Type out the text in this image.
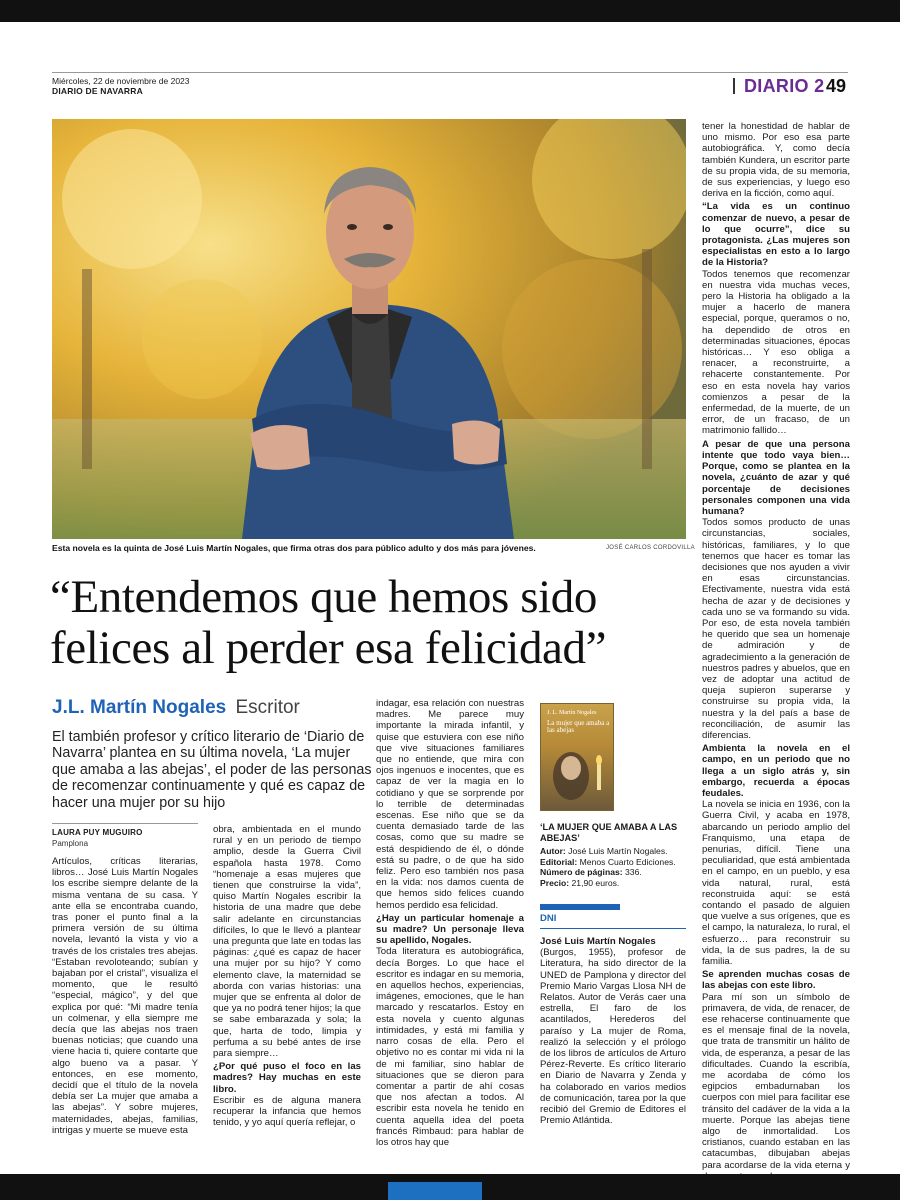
Miércoles, 22 de noviembre de 2023
DIARIO DE NAVARRA	DIARIO 2 49
Esta novela es la quinta de José Luis Martín Nogales, que firma otras dos para público adulto y dos más para jóvenes.	JOSÉ CARLOS CORDOVILLA
“Entendemos que hemos sido
felices al perder esa felicidad”
J.L. Martín Nogales Escritor
El también profesor y crítico literario de ‘Diario de Navarra’ plantea en su última novela, ‘La mujer que amaba a las abejas’, el poder de las personas de recomenzar continuamente y qué es capaz de hacer una mujer por su hijo
LAURA PUY MUGUIRO
Pamplona

Artículos, críticas literarias, libros… José Luis Martín Nogales los escribe siempre delante de la misma ventana de su casa. Y ante ella se encontraba cuando, tras poner el punto final a la primera versión de su última novela, levantó la vista y vio a través de los cristales tres abejas. “Estaban revoloteando; subían y bajaban por el cristal”, visualiza el momento, que le resultó “especial, mágico”, y del que explica por qué: “Mi madre tenía un colmenar, y ella siempre me decía que las abejas nos traen buenas noticias; que cuando una viene hacia ti, quiere contarte que algo bueno va a pasar. Y entonces, en ese momento, decidí que el título de la novela debía ser La mujer que amaba a las abejas”. Y sobre mujeres, maternidades, abejas, familias, intrigas y muerte se mueve esta

obra, ambientada en el mundo rural y en un periodo de tiempo amplio, desde la Guerra Civil española hasta 1978. Como “homenaje a esas mujeres que tienen que construirse la vida”, quiso Martín Nogales escribir la historia de una madre que debe salir adelante en circunstancias difíciles, lo que le llevó a plantear una pregunta que late en todas las páginas: ¿qué es capaz de hacer una mujer por su hijo? Y como elemento clave, la maternidad se aborda con varias historias: una mujer que se enfrenta al dolor de que ya no podrá tener hijos; la que se sabe embarazada y sola; la que, harta de todo, limpia y perfuma a su bebé antes de irse para siempre…

¿Por qué puso el foco en las madres? Hay muchas en este libro.

Escribir es de alguna manera recuperar la infancia que hemos tenido, y yo aquí quería reflejar, o

indagar, esa relación con nuestras madres. Me parece muy importante la mirada infantil, y quise que estuviera con ese niño que vive situaciones familiares que no entiende, que mira con ojos ingenuos e inocentes, que es capaz de ver la magia en lo cotidiano y que se sorprende por lo terrible de determinadas escenas. Ese niño que se da cuenta demasiado tarde de las cosas, como que su madre se está despidiendo de él, o dónde está su padre, o de que ha sido feliz. Pero eso también nos pasa en la vida: nos damos cuenta de que hemos sido felices cuando hemos perdido esa felicidad.

¿Hay un particular homenaje a su madre? Un personaje lleva su apellido, Nogales.

Toda literatura es autobiográfica, decía Borges. Lo que hace el escritor es indagar en su memoria, en aquellos hechos, experiencias, imágenes, emociones, que le han marcado y rescatarlos. Estoy en esta novela y cuento algunas intimidades, y está mi familia y narro cosas de ella. Pero el objetivo no es contar mi vida ni la de mi familiar, sino hablar de situaciones que se dieron para comentar a partir de ahí cosas que nos afectan a todos. Al escribir esta novela he tenido en cuenta aquella idea del poeta francés Rimbaud: para hablar de los otros hay que

J. L. Martín Nogales
La mujer que amaba a las abejas
‘LA MUJER QUE AMABA A LAS ABEJAS’
Autor: José Luis Martín Nogales.
Editorial: Menos Cuarto Ediciones.
Número de páginas: 336.
Precio: 21,90 euros.
DNI
José Luis Martín Nogales
(Burgos, 1955), profesor de Literatura, ha sido director de la UNED de Pamplona y director del Premio Mario Vargas Llosa NH de Relatos. Autor de Verás caer una estrella, El faro de los acantilados, Herederos del paraíso y La mujer de Roma, realizó la selección y el prólogo de los libros de artículos de Arturo Pérez-Reverte. Es crítico literario en Diario de Navarra y Zenda y ha colaborado en varios medios de comunicación, tarea por la que recibió del Gremio de Editores el Premio Atlántida.

tener la honestidad de hablar de uno mismo. Por eso esa parte autobiográfica. Y, como decía también Kundera, un escritor parte de su propia vida, de su memoria, de sus experiencias, y luego eso deriva en la ficción, como aquí.

“La vida es un continuo comenzar de nuevo, a pesar de lo que ocurre”, dice su protagonista. ¿Las mujeres son especialistas en esto a lo largo de la Historia?

Todos tenemos que recomenzar en nuestra vida muchas veces, pero la Historia ha obligado a la mujer a hacerlo de manera especial, porque, queramos o no, ha dependido de otros en determinadas situaciones, épocas históricas… Y eso obliga a renacer, a reconstruirte, a rehacerte constantemente. Por eso en esta novela hay varios comienzos a pesar de la enfermedad, de la muerte, de un error, de un fracaso, de un matrimonio fallido…

A pesar de que una persona intente que todo vaya bien… Porque, como se plantea en la novela, ¿cuánto de azar y qué porcentaje de decisiones personales componen una vida humana?

Todos somos producto de unas circunstancias, sociales, históricas, familiares, y lo que tenemos que hacer es tomar las decisiones que nos ayuden a vivir en esas circunstancias. Efectivamente, nuestra vida está hecha de azar y de decisiones y cada uno se va formando su vida. Por eso, de esta novela también he querido que sea un homenaje de admiración y de agradecimiento a la generación de nuestros padres y abuelos, que en vez de adoptar una actitud de queja supieron superarse y construirse su propia vida, la nuestra y la del país a base de reconciliación, de asumir las diferencias.

Ambienta la novela en el campo, en un periodo que no llega a un siglo atrás y, sin embargo, recuerda a épocas feudales.

La novela se inicia en 1936, con la Guerra Civil, y acaba en 1978, abarcando un periodo amplio del Franquismo, una etapa de penurias, difícil. Tiene una peculiaridad, que está ambientada en el campo, en un pueblo, y esa vida natural, rural, está reconstruida aquí: se está contando el pasado de alguien que vuelve a sus orígenes, que es el campo, la naturaleza, lo rural, el esfuerzo… para reconstruir su vida, la de sus padres, la de su familia.

Se aprenden muchas cosas de las abejas con este libro.

Para mí son un símbolo de primavera, de vida, de renacer, de ese rehacerse continuamente que es el mensaje final de la novela, que trata de transmitir un hálito de vida, de esperanza, a pesar de las dificultades. Cuando la escribía, me acordaba de cómo los egipcios embadurnaban los cuerpos con miel para facilitar ese tránsito del cadáver de la vida a la muerte. Porque las abejas tiene algo de inmortalidad. Los cristianos, cuando estaban en las catacumbas, dibujaban abejas para acordarse de la vida eterna y
